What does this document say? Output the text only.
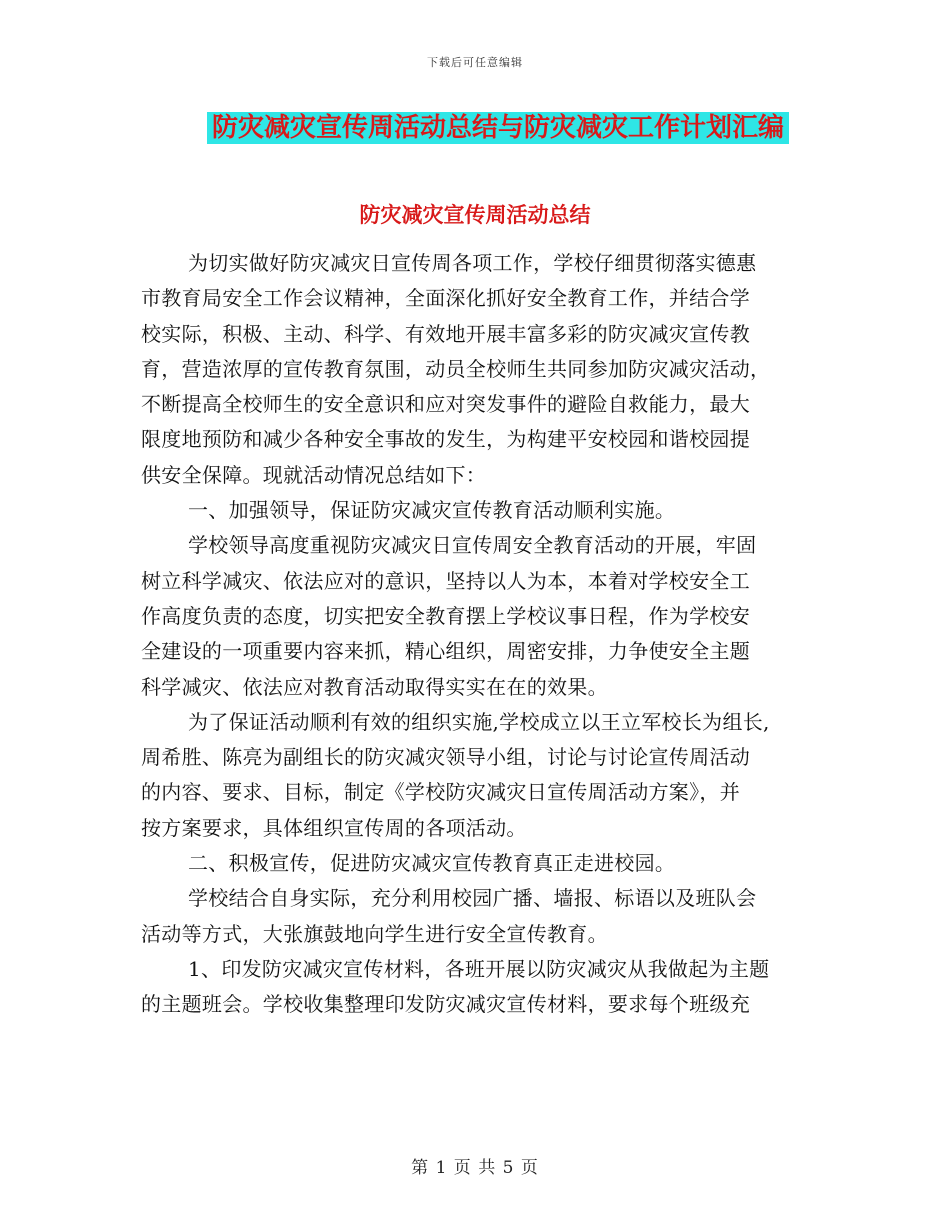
下载后可任意编辑
防灾减灾宣传周活动总结与防灾减灾工作计划汇编
防灾减灾宣传周活动总结
为切实做好防灾减灾日宣传周各项工作，学校仔细贯彻落实德惠
市教育局安全工作会议精神，全面深化抓好安全教育工作，并结合学
校实际，积极、主动、科学、有效地开展丰富多彩的防灾减灾宣传教
育，营造浓厚的宣传教育氛围，动员全校师生共同参加防灾减灾活动，
不断提高全校师生的安全意识和应对突发事件的避险自救能力，最大
限度地预防和减少各种安全事故的发生，为构建平安校园和谐校园提
供安全保障。现就活动情况总结如下：
一、加强领导，保证防灾减灾宣传教育活动顺利实施。
学校领导高度重视防灾减灾日宣传周安全教育活动的开展，牢固
树立科学减灾、依法应对的意识，坚持以人为本，本着对学校安全工
作高度负责的态度，切实把安全教育摆上学校议事日程，作为学校安
全建设的一项重要内容来抓，精心组织，周密安排，力争使安全主题
科学减灾、依法应对教育活动取得实实在在的效果。
为了保证活动顺利有效的组织实施,学校成立以王立军校长为组长,
周希胜、陈亮为副组长的防灾减灾领导小组，讨论与讨论宣传周活动
的内容、要求、目标，制定《学校防灾减灾日宣传周活动方案》，并
按方案要求，具体组织宣传周的各项活动。
二、积极宣传，促进防灾减灾宣传教育真正走进校园。
学校结合自身实际，充分利用校园广播、墙报、标语以及班队会
活动等方式，大张旗鼓地向学生进行安全宣传教育。
1、印发防灾减灾宣传材料，各班开展以防灾减灾从我做起为主题
的主题班会。学校收集整理印发防灾减灾宣传材料，要求每个班级充
第 1 页 共 5 页
